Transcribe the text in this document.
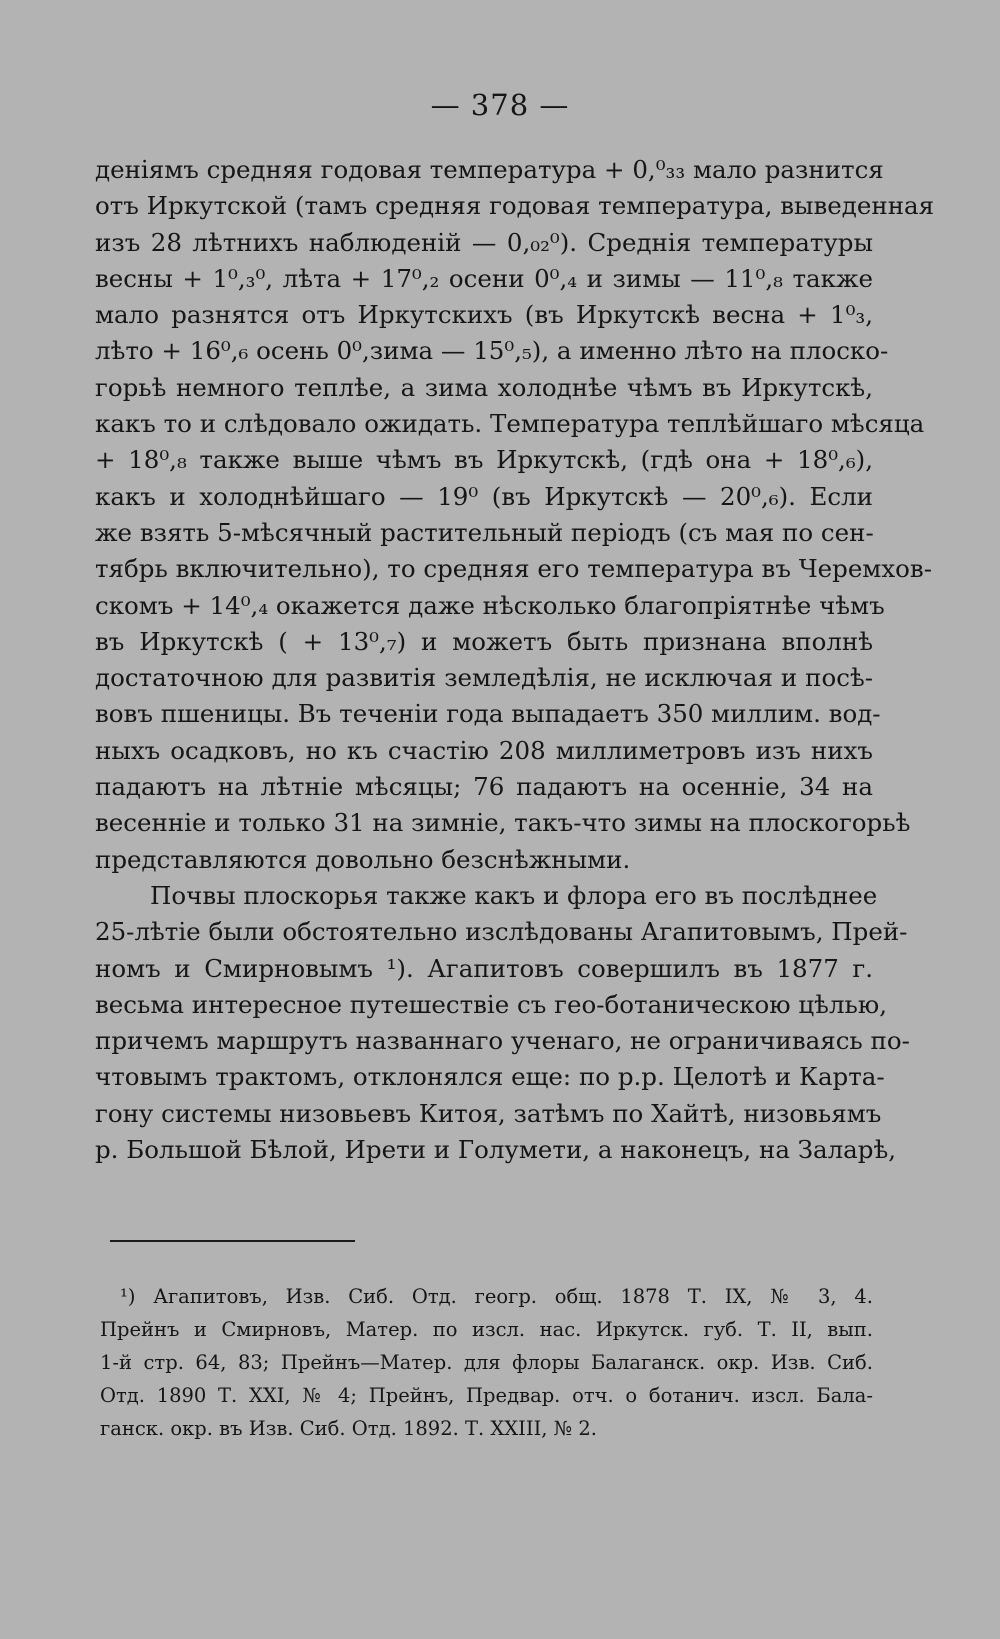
— 378 —
деніямъ средняя годовая температура + 0,⁰₃₃ мало разнится
отъ Иркутской (тамъ средняя годовая температура, выведенная
изъ 28 лѣтнихъ наблюденій — 0,₀₂⁰). Среднія температуры
весны + 1⁰,₃⁰, лѣта + 17⁰,₂ осени 0⁰,₄ и зимы — 11⁰,₈ также
мало разнятся отъ Иркутскихъ (въ Иркутскѣ весна + 1⁰₃,
лѣто + 16⁰,₆ осень 0⁰,зима — 15⁰,₅), а именно лѣто на плоско-
горьѣ немного теплѣе, а зима холоднѣе чѣмъ въ Иркутскѣ,
какъ то и слѣдовало ожидать. Температура теплѣйшаго мѣсяца
+ 18⁰,₈ также выше чѣмъ въ Иркутскѣ, (гдѣ она + 18⁰,₆),
какъ и холоднѣйшаго — 19⁰ (въ Иркутскѣ — 20⁰,₆). Если
же взять 5-мѣсячный растительный періодъ (съ мая по сен-
тябрь включительно), то средняя его температура въ Черемхов-
скомъ + 14⁰,₄ окажется даже нѣсколько благопріятнѣе чѣмъ
въ Иркутскѣ ( + 13⁰,₇) и можетъ быть признана вполнѣ
достаточною для развитія земледѣлія, не исключая и посѣ-
вовъ пшеницы. Въ теченіи года выпадаетъ 350 миллим. вод-
ныхъ осадковъ, но къ счастію 208 миллиметровъ изъ нихъ
падаютъ на лѣтніе мѣсяцы; 76 падаютъ на осенніе, 34 на
весенніе и только 31 на зимніе, такъ-что зимы на плоскогорьѣ
представляются довольно безснѣжными.
Почвы плоскорья также какъ и флора его въ послѣднее
25-лѣтіе были обстоятельно изслѣдованы Агапитовымъ, Прей-
номъ и Смирновымъ ¹). Агапитовъ совершилъ въ 1877 г.
весьма интересное путешествіе съ гео-ботаническою цѣлью,
причемъ маршрутъ названнаго ученаго, не ограничиваясь по-
чтовымъ трактомъ, отклонялся еще: по р.р. Целотѣ и Карта-
гону системы низовьевъ Китоя, затѣмъ по Хайтѣ, низовьямъ
р. Большой Бѣлой, Ирети и Голумети, а наконецъ, на Заларѣ,
¹) Агапитовъ, Изв. Сиб. Отд. геогр. общ. 1878 Т. IX, № 3, 4.
Прейнъ и Смирновъ, Матер. по изсл. нас. Иркутск. губ. Т. II, вып.
1-й стр. 64, 83; Прейнъ—Матер. для флоры Балаганск. окр. Изв. Сиб.
Отд. 1890 Т. XXI, № 4; Прейнъ, Предвар. отч. о ботанич. изсл. Бала-
ганск. окр. въ Изв. Сиб. Отд. 1892. Т. XXIII, № 2.
